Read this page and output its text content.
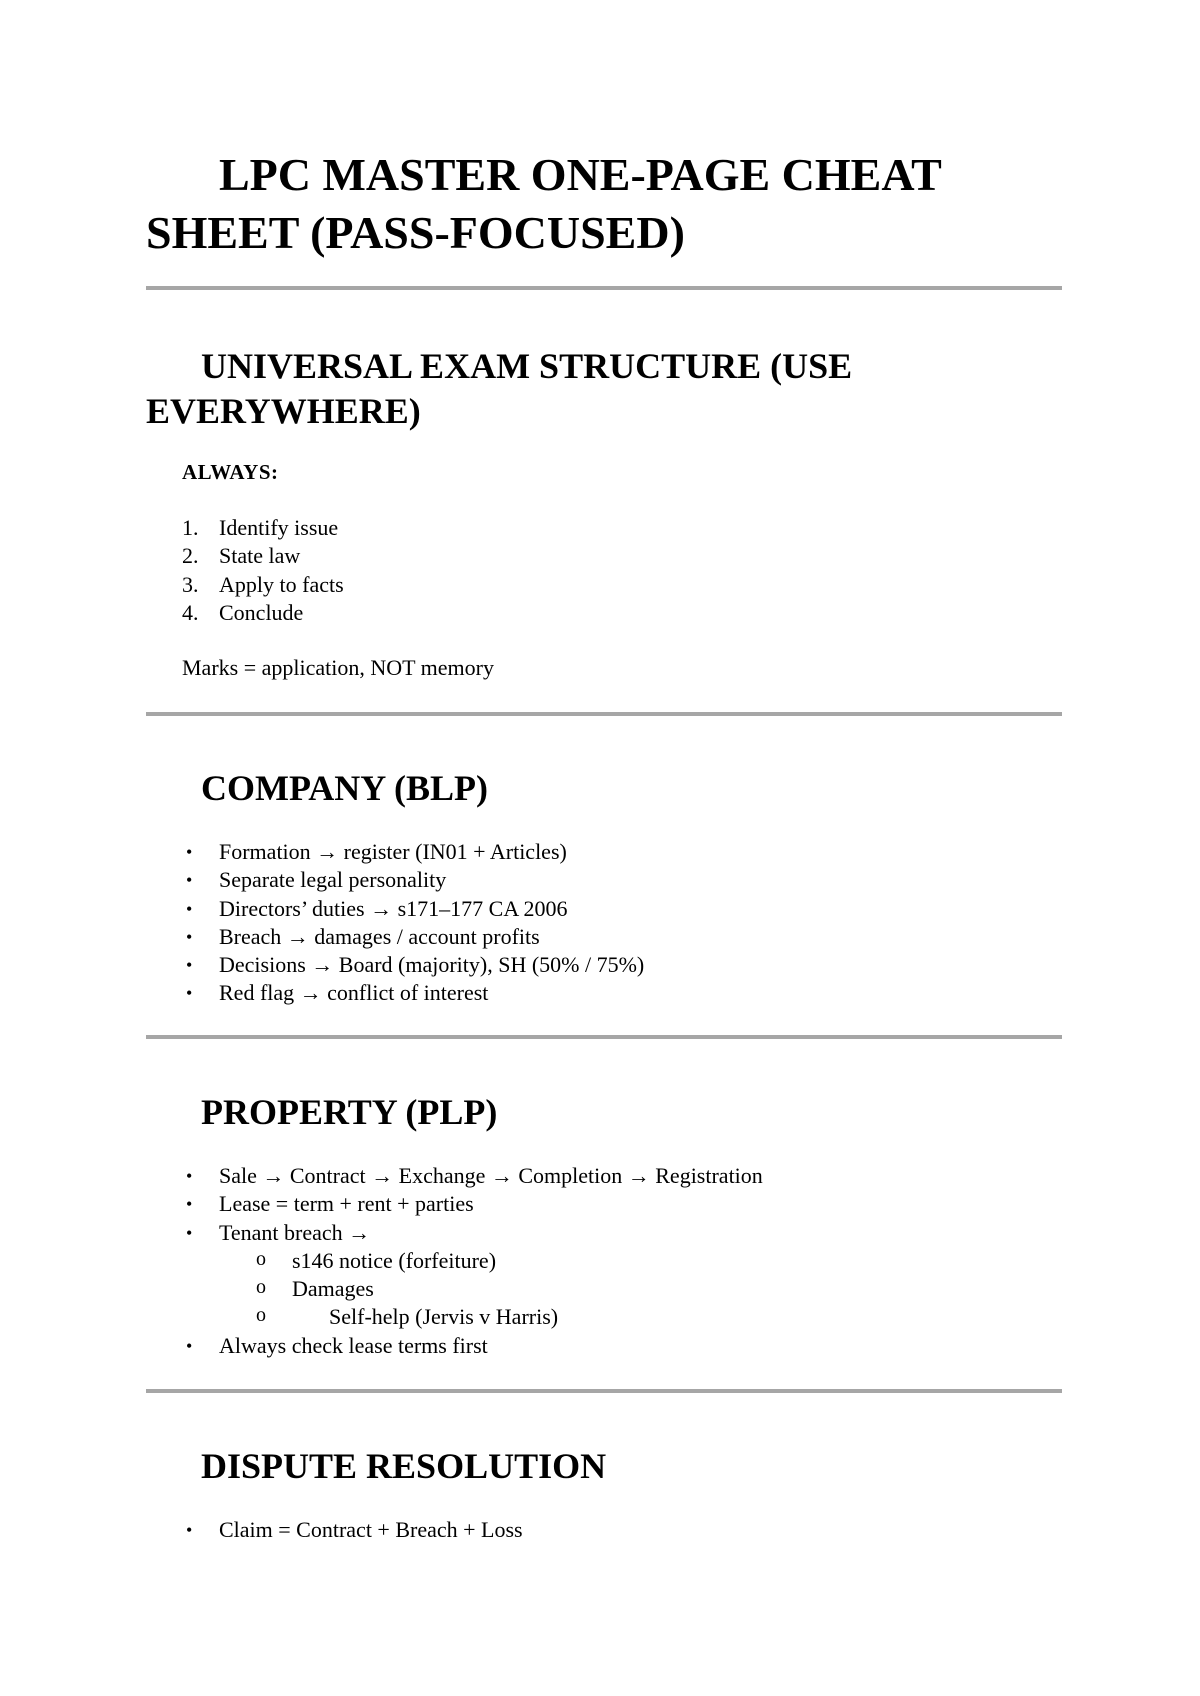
LPC MASTER ONE-PAGE CHEAT SHEET (PASS-FOCUSED)
UNIVERSAL EXAM STRUCTURE (USE EVERYWHERE)

ALWAYS:

1. Identify issue
2. State law
3. Apply to facts
4. Conclude

Marks = application, NOT memory

COMPANY (BLP)
• Formation → register (IN01 + Articles)
• Separate legal personality
• Directors’ duties → s171–177 CA 2006
• Breach → damages / account profits
• Decisions → Board (majority), SH (50% / 75%)
• Red flag → conflict of interest
PROPERTY (PLP)
• Sale → Contract → Exchange → Completion → Registration
• Lease = term + rent + parties
• Tenant breach →
o s146 notice (forfeiture)
o Damages
o	Self-help (Jervis v Harris)
• Always check lease terms first
DISPUTE RESOLUTION
• Claim = Contract + Breach + Loss
